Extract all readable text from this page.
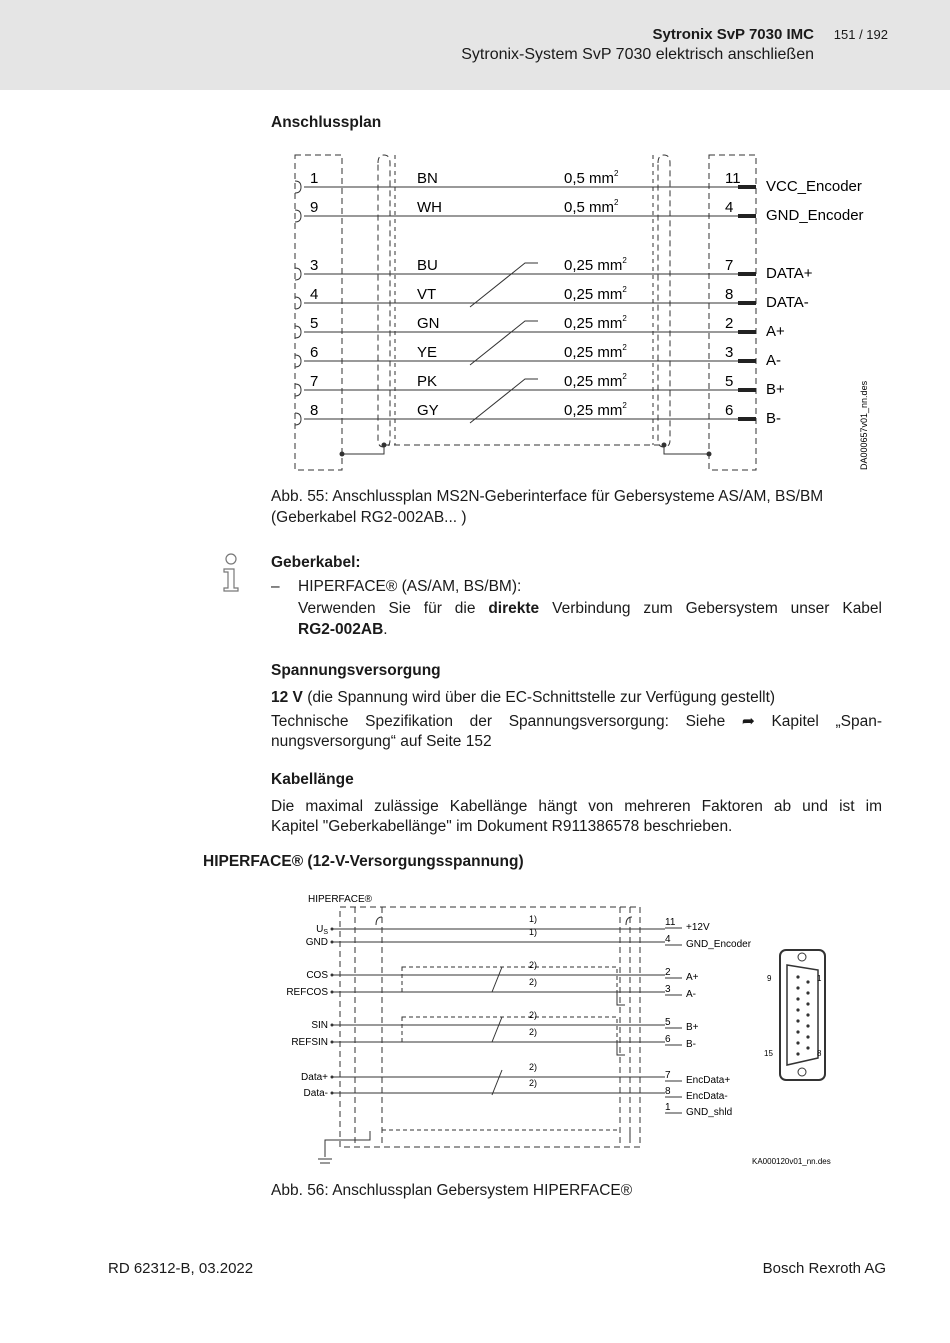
Sytronix SvP 7030 IMC 151 / 192
Sytronix-System SvP 7030 elektrisch anschließen
Anschlussplan
1	BN	0,5 $mm^2$	11 VCC_Encoder
9	WH	0,5 $mm^2$	4 GND_Encoder
3	BU	0,25 $mm^2$	7 DATA+
4	VT	0,25 $mm^2$	8 DATA-
5	GN	0,25 $mm^2$	2 A+
6	YE	0,25 $mm^2$	3 A-
7	PK	0,25 $mm^2$	5 B+
8	GY	0,25 $mm^2$	6 B-	DA000657v01_nn.des
Abb. 55: Anschlussplan MS2N-Geberinterface für Gebersysteme AS/AM, BS/BM
(Geberkabel RG2-002AB... )
Geberkabel:
– HIPERFACE® (AS/AM, BS/BM):
Verwenden Sie für die direkte Verbindung zum Gebersystem unser Kabel
RG2-002AB.
Spannungsversorgung
12 V (die Spannung wird über die EC-Schnittstelle zur Verfügung gestellt)
Technische Spezifikation der Spannungsversorgung: Siehe ➦ Kapitel „Span-
nungsversorgung“ auf Seite 152
Kabellänge
Die maximal zulässige Kabellänge hängt von mehreren Faktoren ab und ist im
Kapitel "Geberkabellänge" im Dokument R911386578 beschrieben.
HIPERFACE® (12-V-Versorgungsspannung)
HIPERFACE®
$U_S$
1)
GND
1)
COS
2)
REFCOS
2)
SIN
2)
REFSIN
2)
Data+
2)
Data-
2)
11 +12V
4 GND_Encoder
2 A+
3 A-
5 B+
6 B-
7 EncData+
8 EncData-
1 GND_shld
9	1
15	8
KA000120v01_nn.des
Abb. 56: Anschlussplan Gebersystem HIPERFACE®
RD 62312-B, 03.2022	Bosch Rexroth AG
